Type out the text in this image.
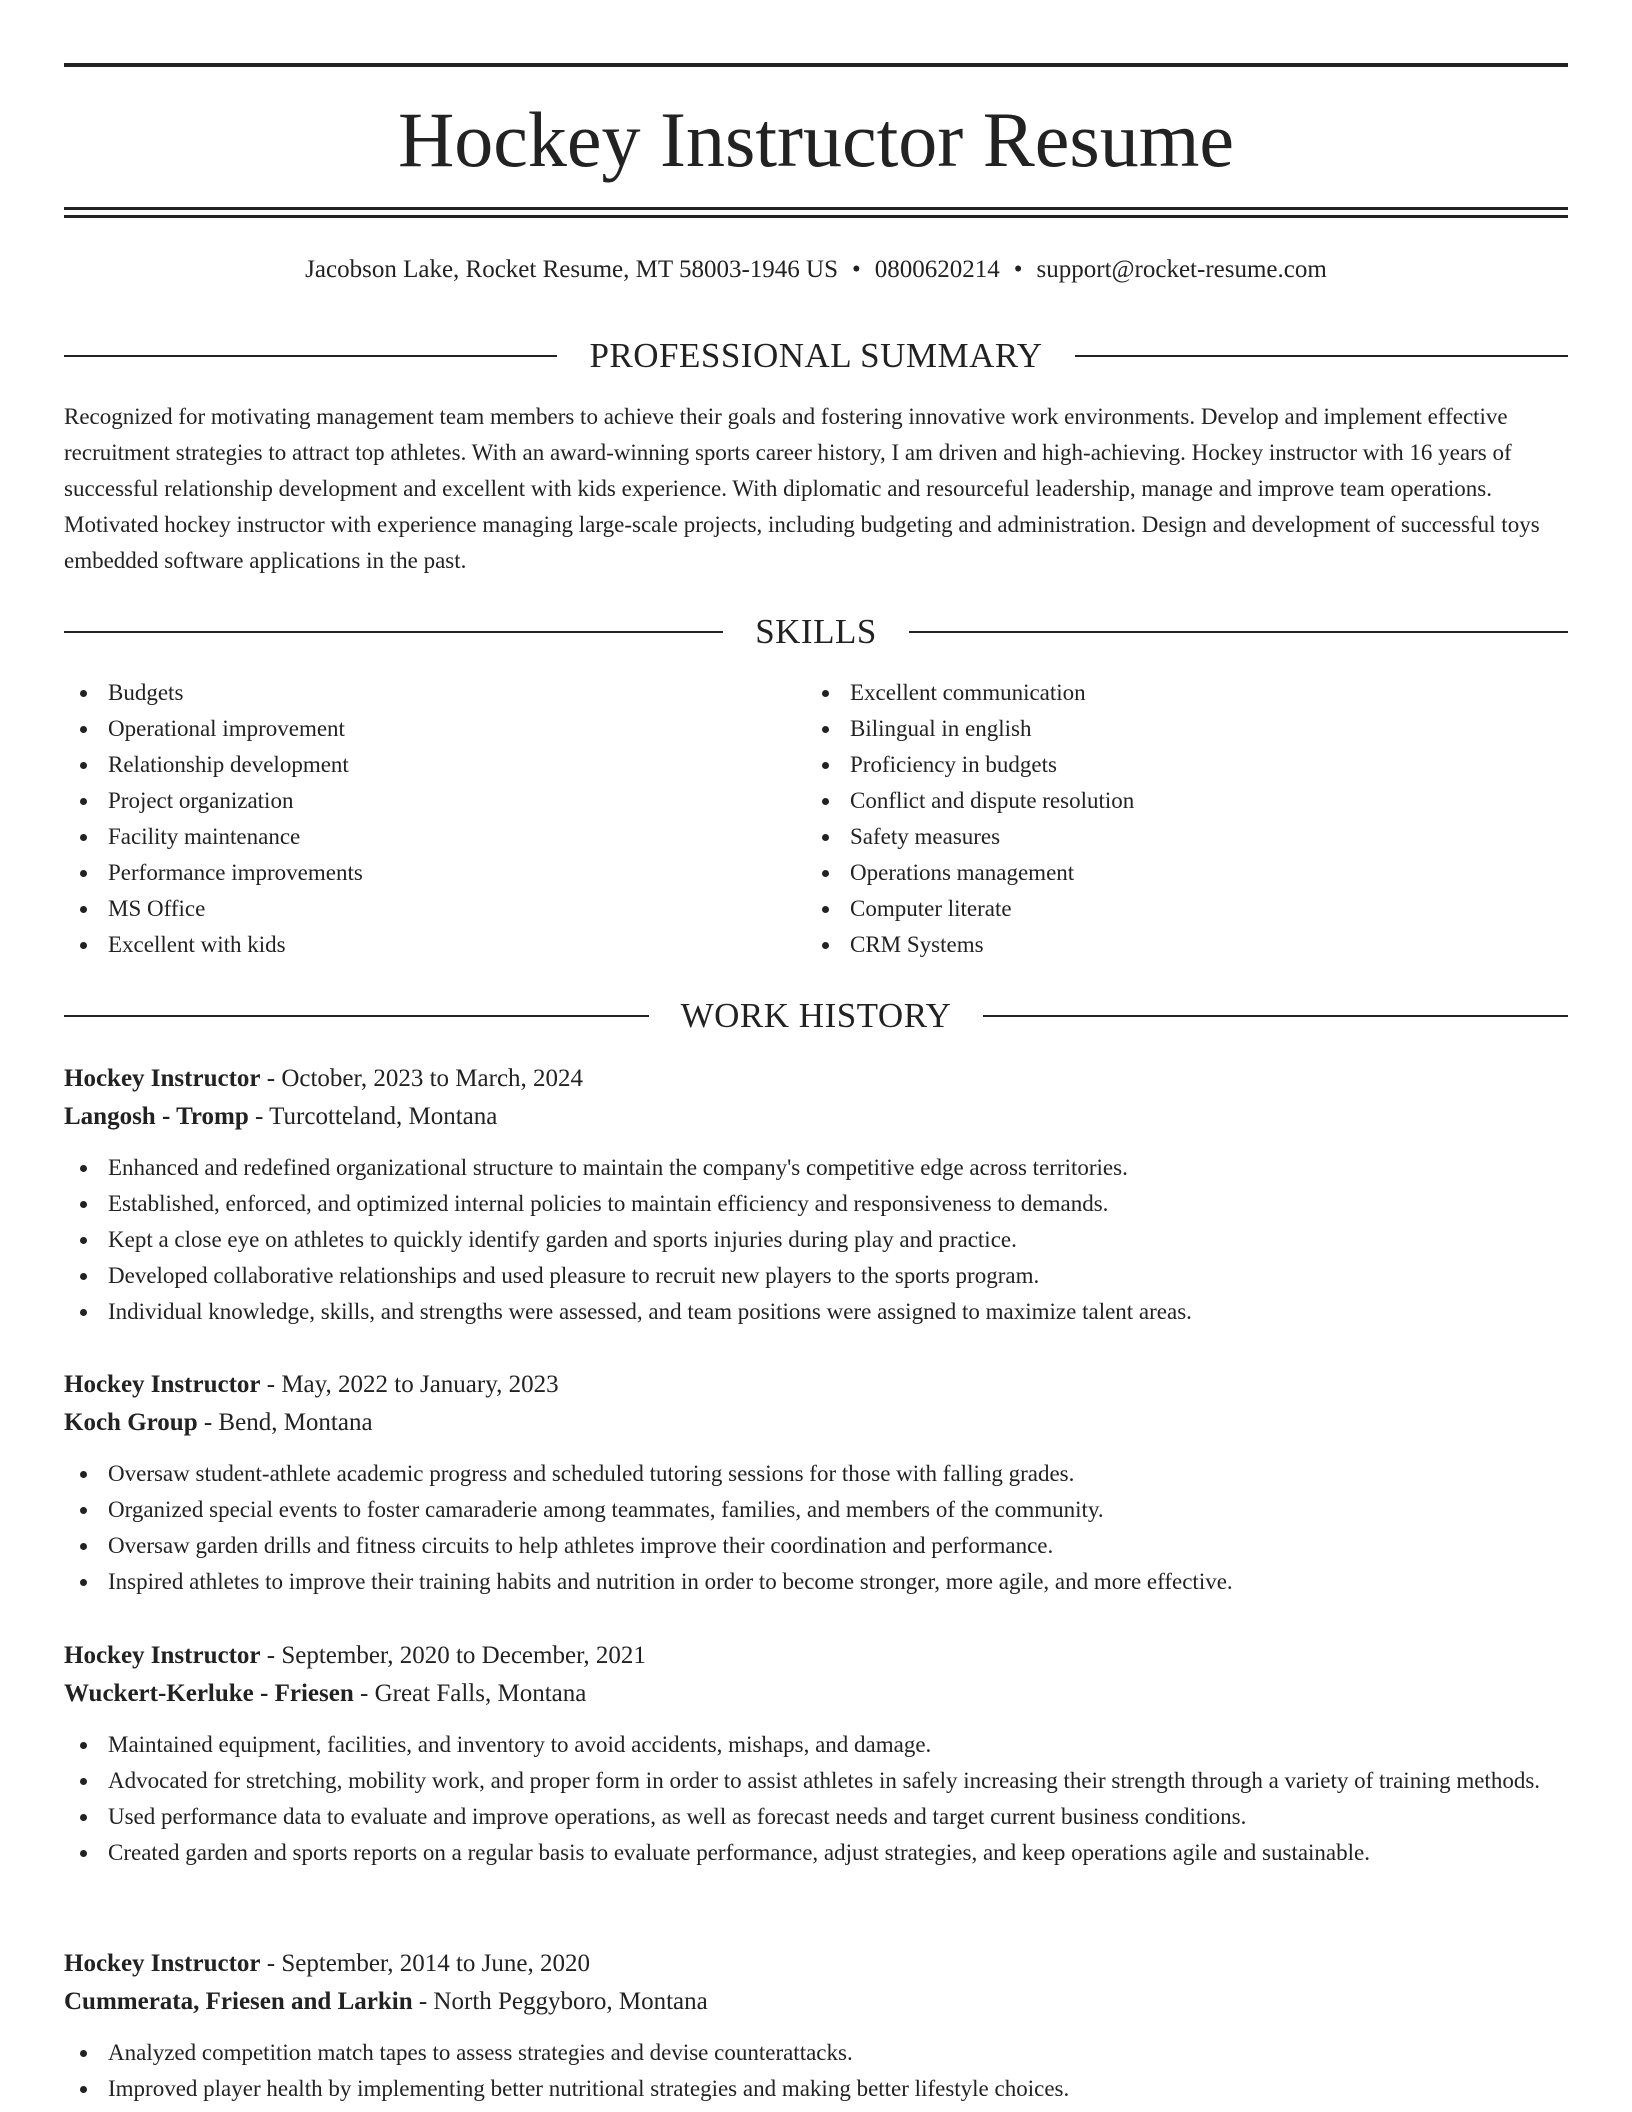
Hockey Instructor Resume
Jacobson Lake, Rocket Resume, MT 58003-1946 US • 0800620214 • support@rocket-resume.com
PROFESSIONAL SUMMARY

Recognized for motivating management team members to achieve their goals and fostering innovative work environments. Develop and implement effective recruitment strategies to attract top athletes. With an award-winning sports career history, I am driven and high-achieving. Hockey instructor with 16 years of successful relationship development and excellent with kids experience. With diplomatic and resourceful leadership, manage and improve team operations. Motivated hockey instructor with experience managing large-scale projects, including budgeting and administration. Design and development of successful toys embedded software applications in the past.

SKILLS
Budgets
Operational improvement
Relationship development
Project organization
Facility maintenance
Performance improvements
MS Office
Excellent with kids
Excellent communication
Bilingual in english
Proficiency in budgets
Conflict and dispute resolution
Safety measures
Operations management
Computer literate
CRM Systems
WORK HISTORY
Hockey Instructor - October, 2023 to March, 2024
Langosh - Tromp - Turcotteland, Montana
Enhanced and redefined organizational structure to maintain the company's competitive edge across territories.
Established, enforced, and optimized internal policies to maintain efficiency and responsiveness to demands.
Kept a close eye on athletes to quickly identify garden and sports injuries during play and practice.
Developed collaborative relationships and used pleasure to recruit new players to the sports program.
Individual knowledge, skills, and strengths were assessed, and team positions were assigned to maximize talent areas.
Hockey Instructor - May, 2022 to January, 2023
Koch Group - Bend, Montana
Oversaw student-athlete academic progress and scheduled tutoring sessions for those with falling grades.
Organized special events to foster camaraderie among teammates, families, and members of the community.
Oversaw garden drills and fitness circuits to help athletes improve their coordination and performance.
Inspired athletes to improve their training habits and nutrition in order to become stronger, more agile, and more effective.
Hockey Instructor - September, 2020 to December, 2021
Wuckert-Kerluke - Friesen - Great Falls, Montana
Maintained equipment, facilities, and inventory to avoid accidents, mishaps, and damage.
Advocated for stretching, mobility work, and proper form in order to assist athletes in safely increasing their strength through a variety of training methods.
Used performance data to evaluate and improve operations, as well as forecast needs and target current business conditions.
Created garden and sports reports on a regular basis to evaluate performance, adjust strategies, and keep operations agile and sustainable.
Hockey Instructor - September, 2014 to June, 2020
Cummerata, Friesen and Larkin - North Peggyboro, Montana
Analyzed competition match tapes to assess strategies and devise counterattacks.
Improved player health by implementing better nutritional strategies and making better lifestyle choices.
